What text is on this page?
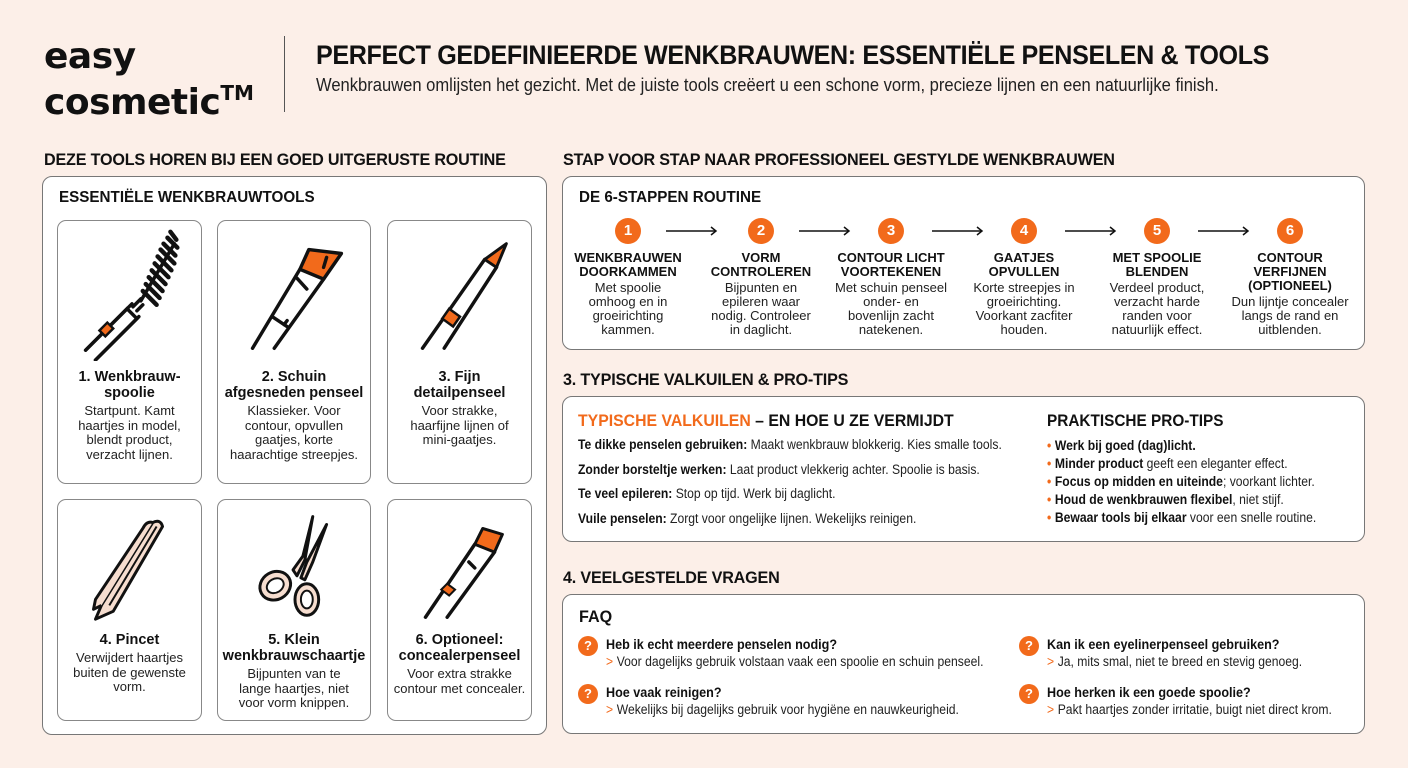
easy
cosmetic™
PERFECT GEDEFINIEERDE WENKBRAUWEN: ESSENTIËLE PENSELEN & TOOLS
Wenkbrauwen omlijsten het gezicht. Met de juiste tools creëert u een schone vorm, precieze lijnen en een natuurlijke finish.
DEZE TOOLS HOREN BIJ EEN GOED UITGERUSTE ROUTINE
ESSENTIËLE WENKBRAUWTOOLS
1. Wenkbrauw-
spoolie
Startpunt. Kamt
haartjes in model,
blendt product,
verzacht lijnen.
2. Schuin
afgesneden penseel
Klassieker. Voor
contour, opvullen
gaatjes, korte
haarachtige streepjes.
3. Fijn
detailpenseel
Voor strakke,
haarfijne lijnen of
mini-gaatjes.
4. Pincet
Verwijdert haartjes
buiten de gewenste
vorm.
5. Klein
wenkbrauwschaartje
Bijpunten van te
lange haartjes, niet
voor vorm knippen.
6. Optioneel:
concealerpenseel
Voor extra strakke
contour met concealer.
STAP VOOR STAP NAAR PROFESSIONEEL GESTYLDE WENKBRAUWEN
DE 6-STAPPEN ROUTINE
1
WENKBRAUWEN
DOORKAMMEN
Met spoolie
omhoog en in
groeirichting
kammen.
2
VORM
CONTROLEREN
Bijpunten en
epileren waar
nodig. Controleer
in daglicht.
3
CONTOUR LICHT
VOORTEKENEN
Met schuin penseel
onder- en
bovenlijn zacht
natekenen.
4
GAATJES
OPVULLEN
Korte streepjes in
groeirichting.
Voorkant zacfiter
houden.
5
MET SPOOLIE
BLENDEN
Verdeel product,
verzacht harde
randen voor
natuurlijk effect.
6
CONTOUR
VERFIJNEN
(OPTIONEEL)
Dun lijntje concealer
langs de rand en
uitblenden.
3. TYPISCHE VALKUILEN & PRO-TIPS
TYPISCHE VALKUILEN – EN HOE U ZE VERMIJDT
Te dikke penselen gebruiken: Maakt wenkbrauw blokkerig. Kies smalle tools.
Zonder borsteltje werken: Laat product vlekkerig achter. Spoolie is basis.
Te veel epileren: Stop op tijd. Werk bij daglicht.
Vuile penselen: Zorgt voor ongelijke lijnen. Wekelijks reinigen.
PRAKTISCHE PRO-TIPS
• Werk bij goed (dag)licht.
• Minder product geeft een eleganter effect.
• Focus op midden en uiteinde; voorkant lichter.
• Houd de wenkbrauwen flexibel, niet stijf.
• Bewaar tools bij elkaar voor een snelle routine.
4. VEELGESTELDE VRAGEN
FAQ
?	Heb ik echt meerdere penselen nodig?
> Voor dagelijks gebruik volstaan vaak een spoolie en schuin penseel.
?	Hoe vaak reinigen?
> Wekelijks bij dagelijks gebruik voor hygiëne en nauwkeurigheid.
?	Kan ik een eyelinerpenseel gebruiken?
> Ja, mits smal, niet te breed en stevig genoeg.
?	Hoe herken ik een goede spoolie?
> Pakt haartjes zonder irritatie, buigt niet direct krom.
